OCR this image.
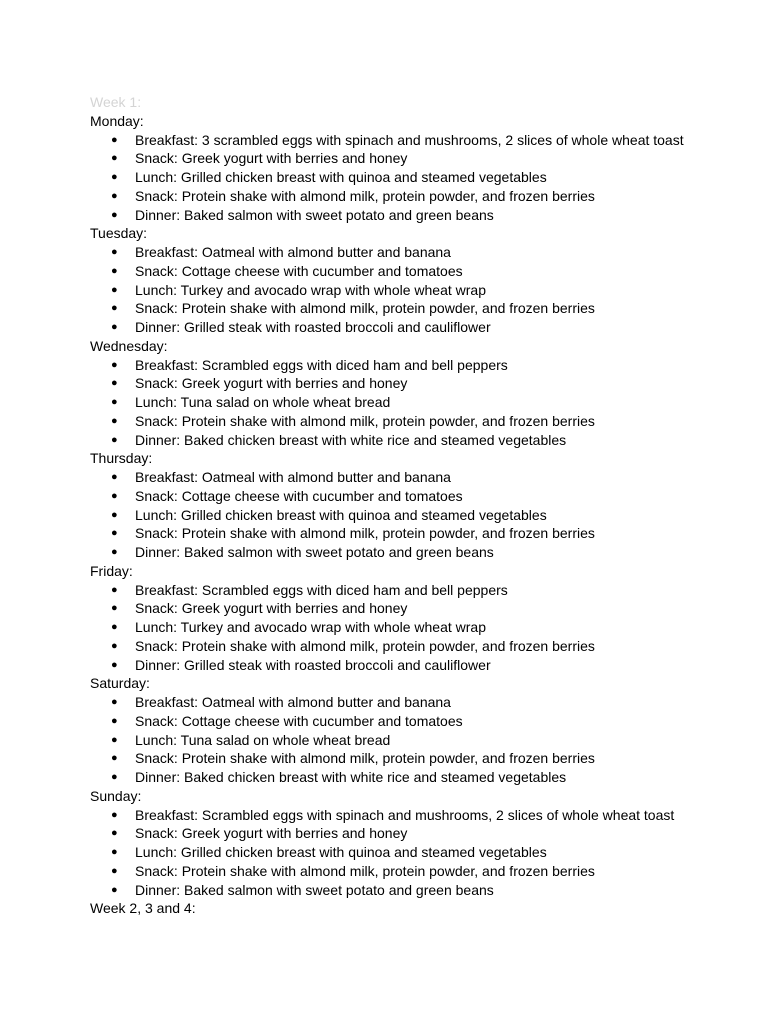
Week 1:

Monday:

● Breakfast: 3 scrambled eggs with spinach and mushrooms, 2 slices of whole wheat toast
● Snack: Greek yogurt with berries and honey
● Lunch: Grilled chicken breast with quinoa and steamed vegetables
● Snack: Protein shake with almond milk, protein powder, and frozen berries
● Dinner: Baked salmon with sweet potato and green beans

Tuesday:

● Breakfast: Oatmeal with almond butter and banana
● Snack: Cottage cheese with cucumber and tomatoes
● Lunch: Turkey and avocado wrap with whole wheat wrap
● Snack: Protein shake with almond milk, protein powder, and frozen berries
● Dinner: Grilled steak with roasted broccoli and cauliflower

Wednesday:

● Breakfast: Scrambled eggs with diced ham and bell peppers
● Snack: Greek yogurt with berries and honey
● Lunch: Tuna salad on whole wheat bread
● Snack: Protein shake with almond milk, protein powder, and frozen berries
● Dinner: Baked chicken breast with white rice and steamed vegetables

Thursday:

● Breakfast: Oatmeal with almond butter and banana
● Snack: Cottage cheese with cucumber and tomatoes
● Lunch: Grilled chicken breast with quinoa and steamed vegetables
● Snack: Protein shake with almond milk, protein powder, and frozen berries
● Dinner: Baked salmon with sweet potato and green beans

Friday:

● Breakfast: Scrambled eggs with diced ham and bell peppers
● Snack: Greek yogurt with berries and honey
● Lunch: Turkey and avocado wrap with whole wheat wrap
● Snack: Protein shake with almond milk, protein powder, and frozen berries
● Dinner: Grilled steak with roasted broccoli and cauliflower

Saturday:

● Breakfast: Oatmeal with almond butter and banana
● Snack: Cottage cheese with cucumber and tomatoes
● Lunch: Tuna salad on whole wheat bread
● Snack: Protein shake with almond milk, protein powder, and frozen berries
● Dinner: Baked chicken breast with white rice and steamed vegetables

Sunday:

● Breakfast: Scrambled eggs with spinach and mushrooms, 2 slices of whole wheat toast
● Snack: Greek yogurt with berries and honey
● Lunch: Grilled chicken breast with quinoa and steamed vegetables
● Snack: Protein shake with almond milk, protein powder, and frozen berries
● Dinner: Baked salmon with sweet potato and green beans

Week 2, 3 and 4:
